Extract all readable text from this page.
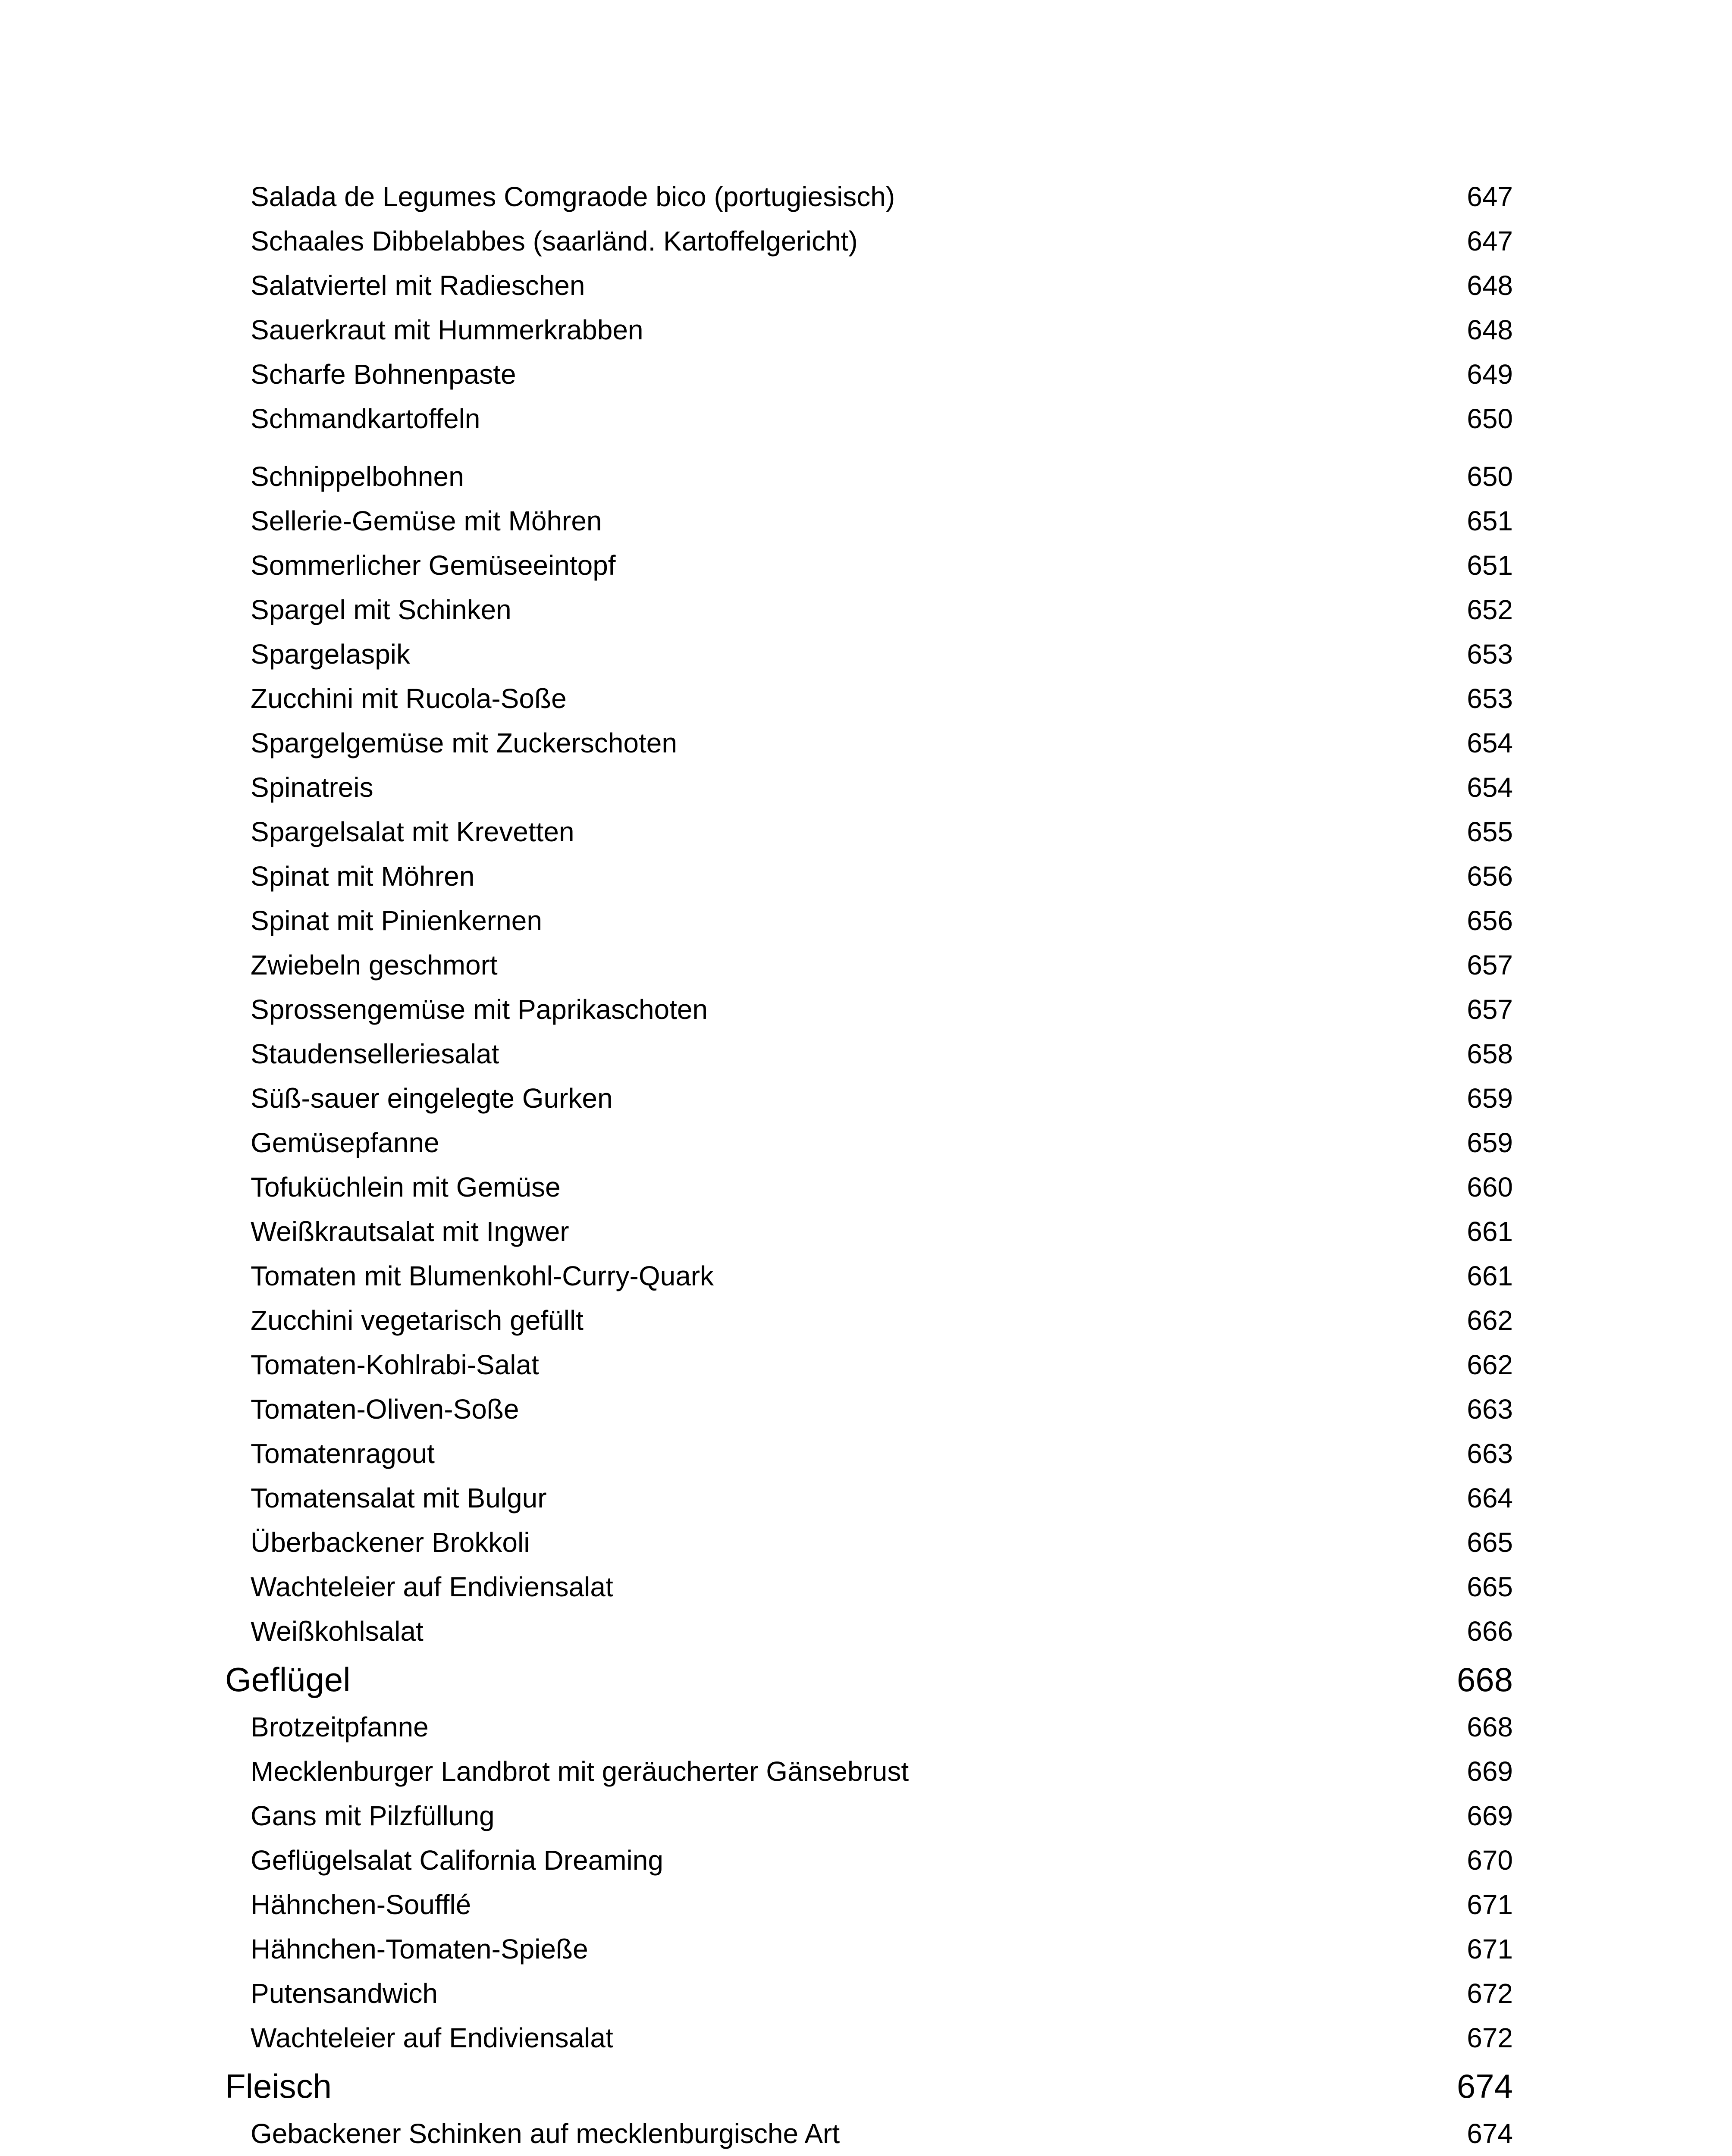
Salada de Legumes Comgraode bico (portugiesisch)	647
Schaales Dibbelabbes (saarländ. Kartoffelgericht)	647
Salatviertel mit Radieschen	648
Sauerkraut mit Hummerkrabben	648
Scharfe Bohnenpaste	649
Schmandkartoffeln	650
Schnippelbohnen	650
Sellerie-Gemüse mit Möhren	651
Sommerlicher Gemüseeintopf	651
Spargel mit Schinken	652
Spargelaspik	653
Zucchini mit Rucola-Soße	653
Spargelgemüse mit Zuckerschoten	654
Spinatreis	654
Spargelsalat mit Krevetten	655
Spinat mit Möhren	656
Spinat mit Pinienkernen	656
Zwiebeln geschmort	657
Sprossengemüse mit Paprikaschoten	657
Staudenselleriesalat	658
Süß-sauer eingelegte Gurken	659
Gemüsepfanne	659
Tofuküchlein mit Gemüse	660
Weißkrautsalat mit Ingwer	661
Tomaten mit Blumenkohl-Curry-Quark	661
Zucchini vegetarisch gefüllt	662
Tomaten-Kohlrabi-Salat	662
Tomaten-Oliven-Soße	663
Tomatenragout	663
Tomatensalat mit Bulgur	664
Überbackener Brokkoli	665
Wachteleier auf Endiviensalat	665
Weißkohlsalat	666
Geflügel	668
Brotzeitpfanne	668
Mecklenburger Landbrot mit geräucherter Gänsebrust	669
Gans mit Pilzfüllung	669
Geflügelsalat California Dreaming	670
Hähnchen-Soufflé	671
Hähnchen-Tomaten-Spieße	671
Putensandwich	672
Wachteleier auf Endiviensalat	672
Fleisch	674
Gebackener Schinken auf mecklenburgische Art	674
